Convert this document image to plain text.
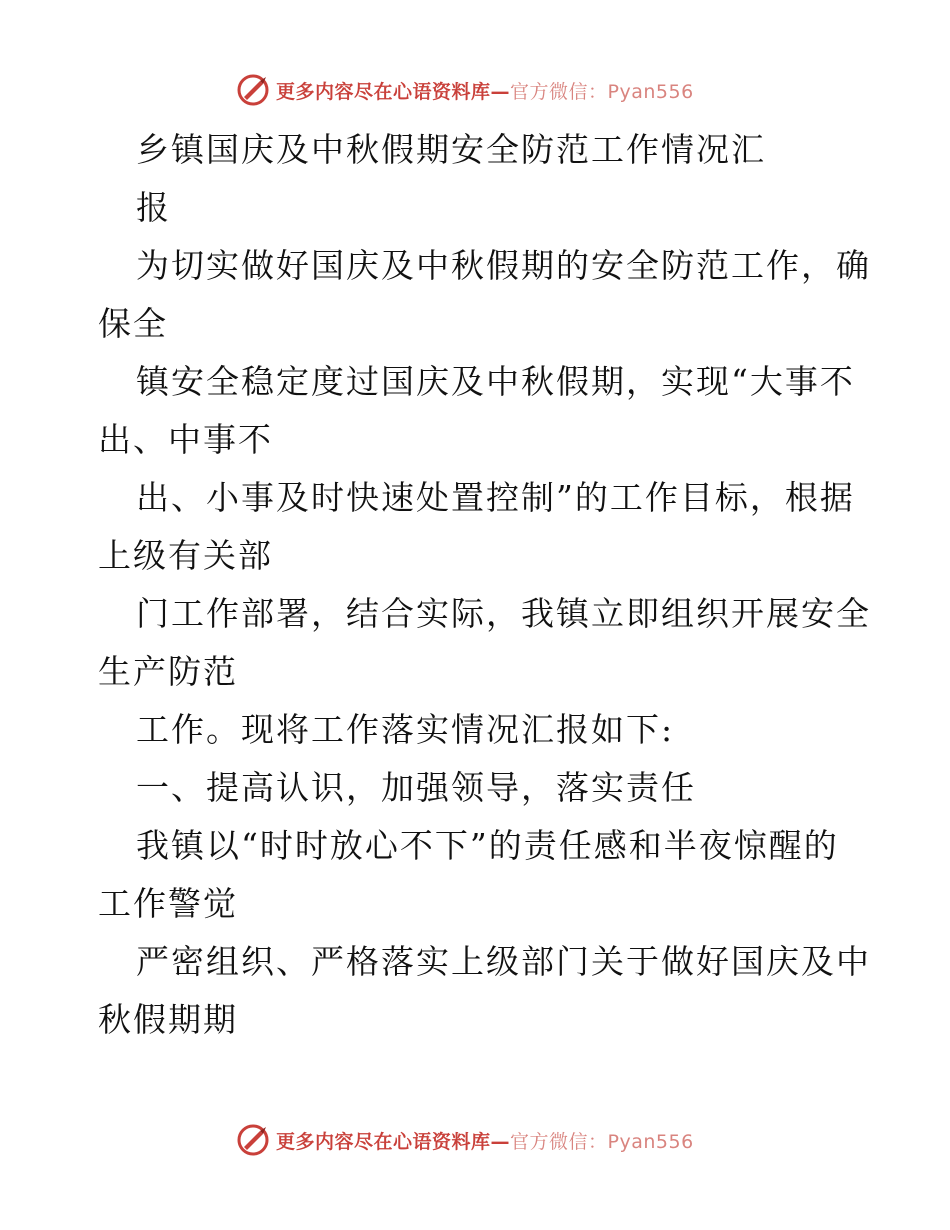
更多内容尽在心语资料库—官方微信：Pyan556
乡镇国庆及中秋假期安全防范工作情况汇
报
为切实做好国庆及中秋假期的安全防范工作，确
保全
镇安全稳定度过国庆及中秋假期，实现“大事不
出、中事不
出、小事及时快速处置控制”的工作目标，根据
上级有关部
门工作部署，结合实际，我镇立即组织开展安全
生产防范
工作。现将工作落实情况汇报如下:
一、提高认识，加强领导，落实责任
我镇以“时时放心不下”的责任感和半夜惊醒的
工作警觉
严密组织、严格落实上级部门关于做好国庆及中
秋假期期
更多内容尽在心语资料库—官方微信：Pyan556
